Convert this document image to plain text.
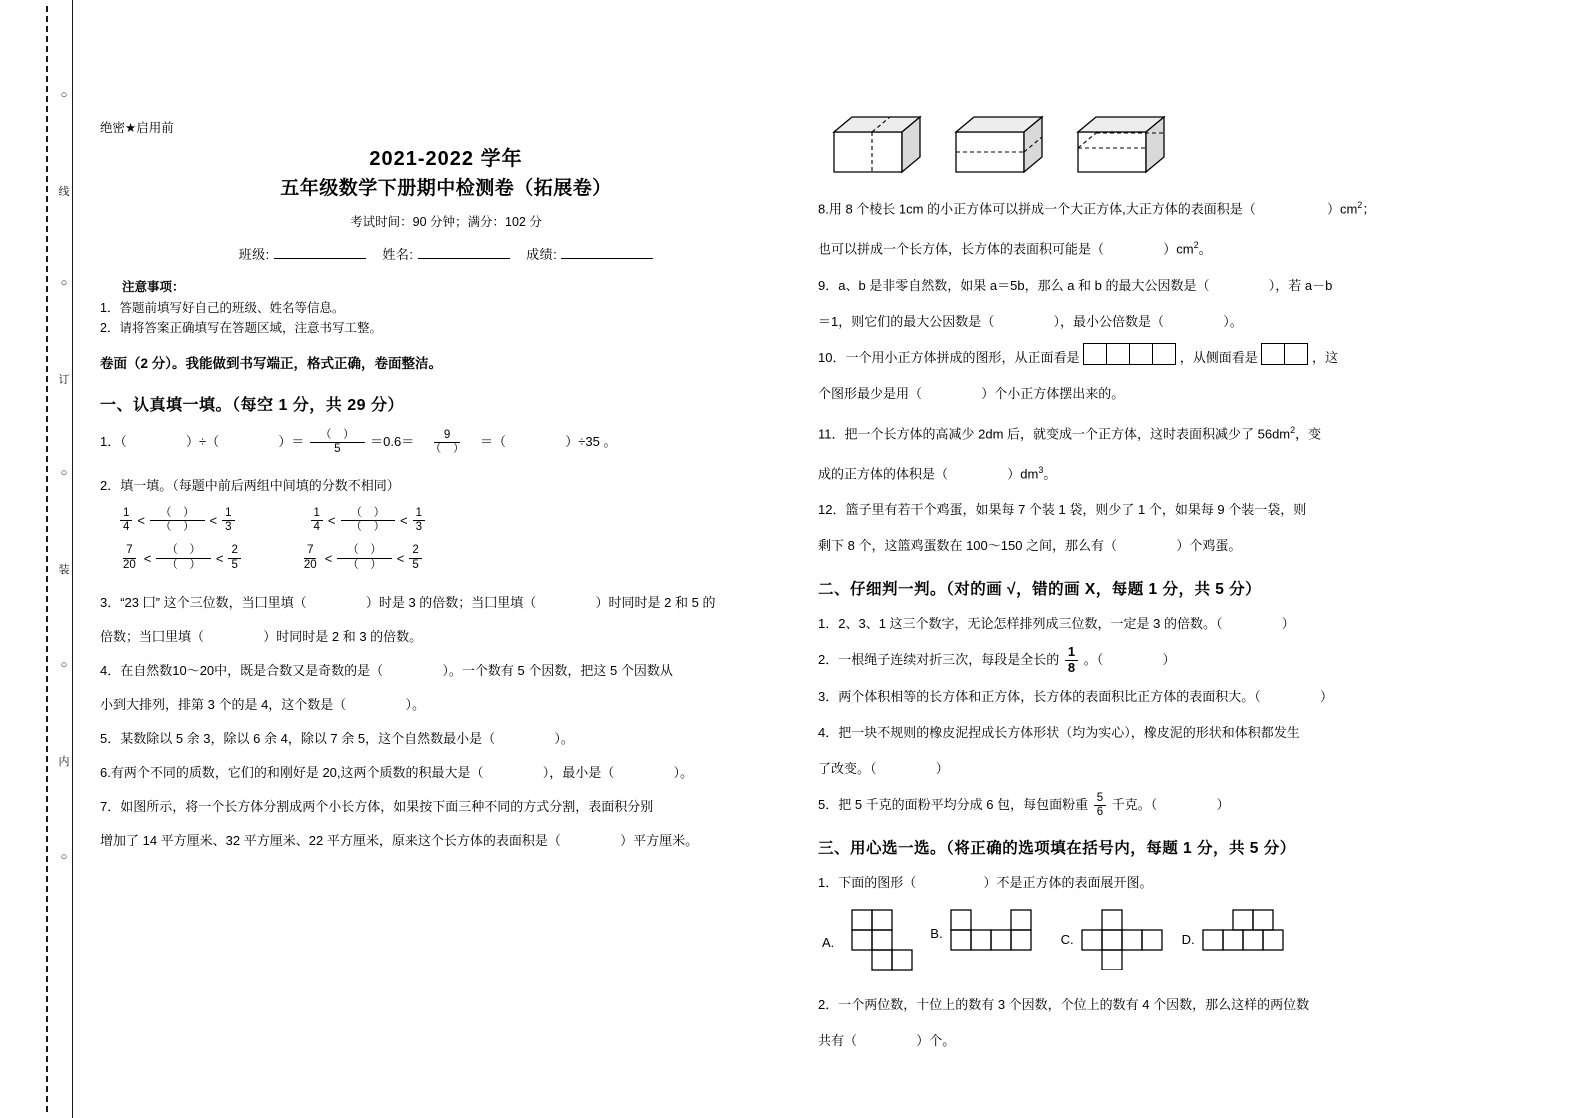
○
线
○
订
○
装
○
内
○
绝密★启用前
2021-2022 学年
五年级数学下册期中检测卷（拓展卷）
考试时间：90 分钟；满分：102 分
班级:	姓名:	成绩:
注意事项：
1．答题前填写好自己的班级、姓名等信息。
2．请将答案正确填写在答题区域，注意书写工整。
卷面（2 分）。我能做到书写端正，格式正确，卷面整洁。
一、认真填一填。（每空 1 分，共 29 分）
1．（	）÷（	）＝ $\frac{( )}{5} =0.6= \frac{9}{( )}$ ＝（	）÷35 。
2．填一填。（每题中前后两组中间填的分数不相同）
$\frac{1}{4} < \frac{( )}{( )} < \frac{1}{3}$	$\frac{1}{4} < \frac{( )}{( )} < \frac{1}{3}$
$\frac{7}{20} < \frac{( )}{( )} < \frac{2}{5}$	$\frac{7}{20} < \frac{( )}{( )} < \frac{2}{5}$
3．“23 囗” 这个三位数，当囗里填（	）时是 3 的倍数；当囗里填（	）时同时是 2 和 5 的
倍数；当囗里填（	）时同时是 2 和 3 的倍数。
4．在自然数10～20中，既是合数又是奇数的是（	）。一个数有 5 个因数，把这 5 个因数从
小到大排列，排第 3 个的是 4，这个数是（	）。
5．某数除以 5 余 3，除以 6 余 4，除以 7 余 5，这个自然数最小是（	）。
6.有两个不同的质数，它们的和刚好是 20,这两个质数的积最大是（	），最小是（	）。
7．如图所示，将一个长方体分割成两个小长方体，如果按下面三种不同的方式分割，表面积分别
增加了 14 平方厘米、32 平方厘米、22 平方厘米，原来这个长方体的表面积是（	）平方厘米。
8.用 8 个棱长 1cm 的小正方体可以拼成一个大正方体,大正方体的表面积是（	）$cm^2$；
也可以拼成一个长方体，长方体的表面积可能是（	）$cm^2$。
9．a、b 是非零自然数，如果 a＝5b，那么 a 和 b 的最大公因数是（	），若 a－b
＝1，则它们的最大公因数是（	），最小公倍数是（	）。
10．一个用小正方体拼成的图形，从正面看是	，从侧面看是	，这
个图形最少是用（	）个小正方体摆出来的。
11．把一个长方体的高减少 2dm 后，就变成一个正方体，这时表面积减少了 $56dm^2$，变
成的正方体的体积是（	）$dm^3$。
12．篮子里有若干个鸡蛋，如果每 7 个装 1 袋，则少了 1 个，如果每 9 个装一袋，则
剩下 8 个，这篮鸡蛋数在 100～150 之间，那么有（	）个鸡蛋。
二、仔细判一判。（对的画 √，错的画 X，每题 1 分，共 5 分）
1．2、3、1 这三个数字，无论怎样排列成三位数，一定是 3 的倍数。（	）
2．一根绳子连续对折三次，每段是全长的 $\frac{1}{8}$ 。（	）
3．两个体积相等的长方体和正方体，长方体的表面积比正方体的表面积大。（	）
4．把一块不规则的橡皮泥捏成长方体形状（均为实心），橡皮泥的形状和体积都发生
了改变。（	）
5．把 5 千克的面粉平均分成 6 包，每包面粉重 $\frac{5}{6}$ 千克。（	）
三、用心选一选。（将正确的选项填在括号内，每题 1 分，共 5 分）
1．下面的图形（	）不是正方体的表面展开图。
A.
B.	C.	D.
2．一个两位数，十位上的数有 3 个因数，个位上的数有 4 个因数，那么这样的两位数
共有（	）个。
